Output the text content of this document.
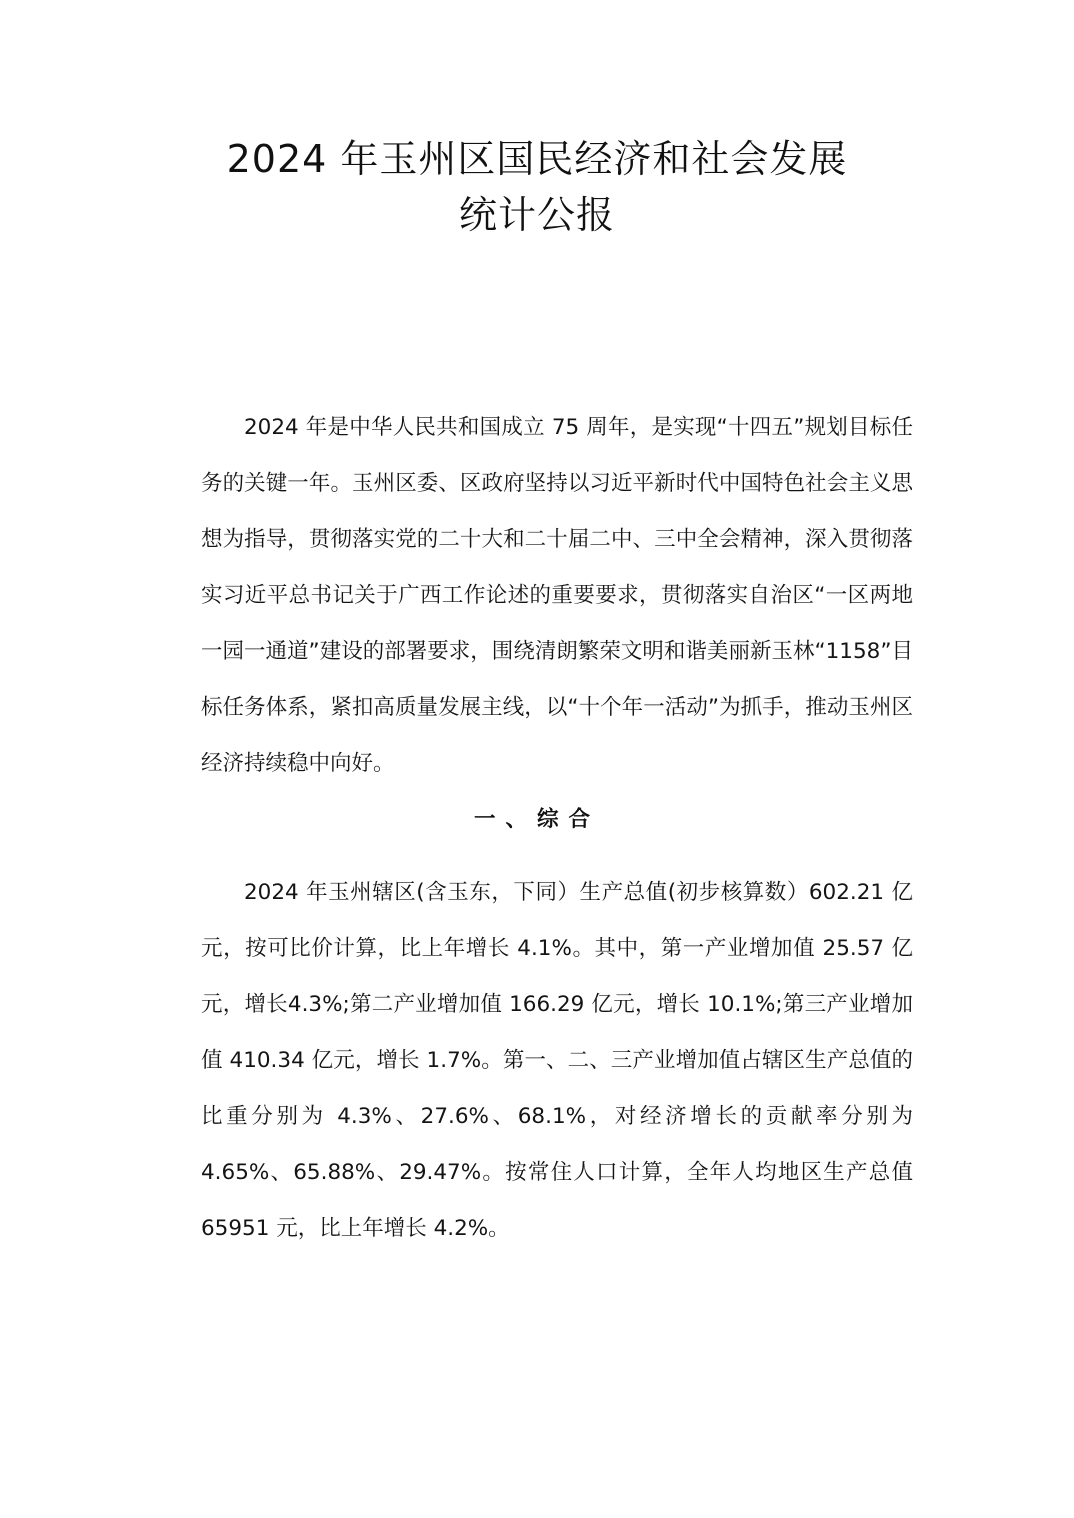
2024 年玉州区国民经济和社会发展
统计公报

2024 年是中华人民共和国成立 75 周年，是实现“十四五”规划目标任务的关键一年。玉州区委、区政府坚持以习近平新时代中国特色社会主义思想为指导，贯彻落实党的二十大和二十届二中、三中全会精神，深入贯彻落实习近平总书记关于广西工作论述的重要要求，贯彻落实自治区“一区两地一园一通道”建设的部署要求，围绕清朗繁荣文明和谐美丽新玉林“1158”目标任务体系，紧扣高质量发展主线，以“十个年一活动”为抓手，推动玉州区经济持续稳中向好。

一、综合

2024 年玉州辖区(含玉东，下同）生产总值(初步核算数）602.21 亿元，按可比价计算，比上年增长 4.1%。其中，第一产业增加值 25.57 亿元，增长4.3%;第二产业增加值 166.29 亿元，增长 10.1%;第三产业增加值 410.34 亿元，增长 1.7%。第一、二、三产业增加值占辖区生产总值的比重分别为 4.3%、27.6%、68.1%，对经济增长的贡献率分别为 4.65%、65.88%、29.47%。按常住人口计算，全年人均地区生产总值 65951 元，比上年增长 4.2%。
